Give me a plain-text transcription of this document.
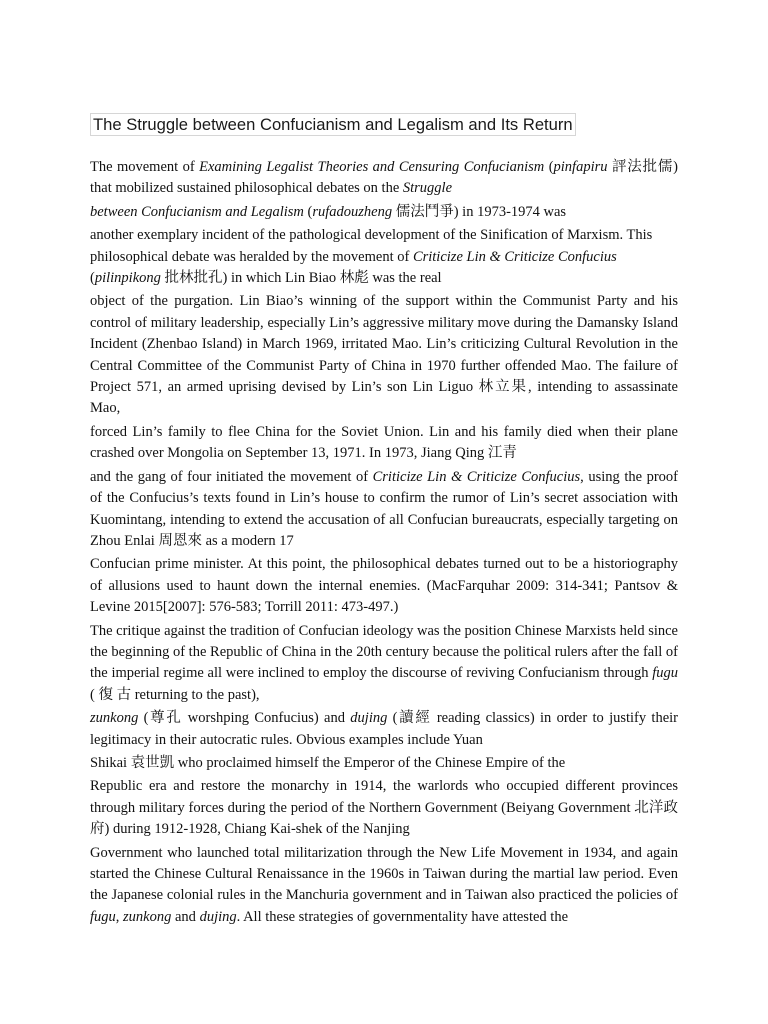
The Struggle between Confucianism and Legalism and Its Return

The movement of Examining Legalist Theories and Censuring Confucianism (pinfapiru 評法批儒) that mobilized sustained philosophical debates on the Struggle

between Confucianism and Legalism (rufadouzheng 儒法鬥爭) in 1973-1974 was

another exemplary incident of the pathological development of the Sinification of Marxism. This philosophical debate was heralded by the movement of Criticize Lin & Criticize Confucius (pilinpikong 批林批孔) in which Lin Biao 林彪 was the real

object of the purgation. Lin Biao’s winning of the support within the Communist Party and his control of military leadership, especially Lin’s aggressive military move during the Damansky Island Incident (Zhenbao Island) in March 1969, irritated Mao. Lin’s criticizing Cultural Revolution in the Central Committee of the Communist Party of China in 1970 further offended Mao. The failure of Project 571, an armed uprising devised by Lin’s son Lin Liguo 林立果, intending to assassinate Mao,

forced Lin’s family to flee China for the Soviet Union. Lin and his family died when their plane crashed over Mongolia on September 13, 1971. In 1973, Jiang Qing 江青

and the gang of four initiated the movement of Criticize Lin & Criticize Confucius, using the proof of the Confucius’s texts found in Lin’s house to confirm the rumor of Lin’s secret association with Kuomintang, intending to extend the accusation of all Confucian bureaucrats, especially targeting on Zhou Enlai 周恩來 as a modern 17

Confucian prime minister. At this point, the philosophical debates turned out to be a historiography of allusions used to haunt down the internal enemies. (MacFarquhar 2009: 314-341; Pantsov & Levine 2015[2007]: 576-583; Torrill 2011: 473-497.)

The critique against the tradition of Confucian ideology was the position Chinese Marxists held since the beginning of the Republic of China in the 20th century because the political rulers after the fall of the imperial regime all were inclined to employ the discourse of reviving Confucianism through fugu ( 復 古 returning to the past),

zunkong (尊孔 worshping Confucius) and dujing (讀經 reading classics) in order to justify their legitimacy in their autocratic rules. Obvious examples include Yuan

Shikai 袁世凱 who proclaimed himself the Emperor of the Chinese Empire of the

Republic era and restore the monarchy in 1914, the warlords who occupied different provinces through military forces during the period of the Northern Government (Beiyang Government 北洋政府) during 1912-1928, Chiang Kai-shek of the Nanjing

Government who launched total militarization through the New Life Movement in 1934, and again started the Chinese Cultural Renaissance in the 1960s in Taiwan during the martial law period. Even the Japanese colonial rules in the Manchuria government and in Taiwan also practiced the policies of fugu, zunkong and dujing. All these strategies of governmentality have attested the
